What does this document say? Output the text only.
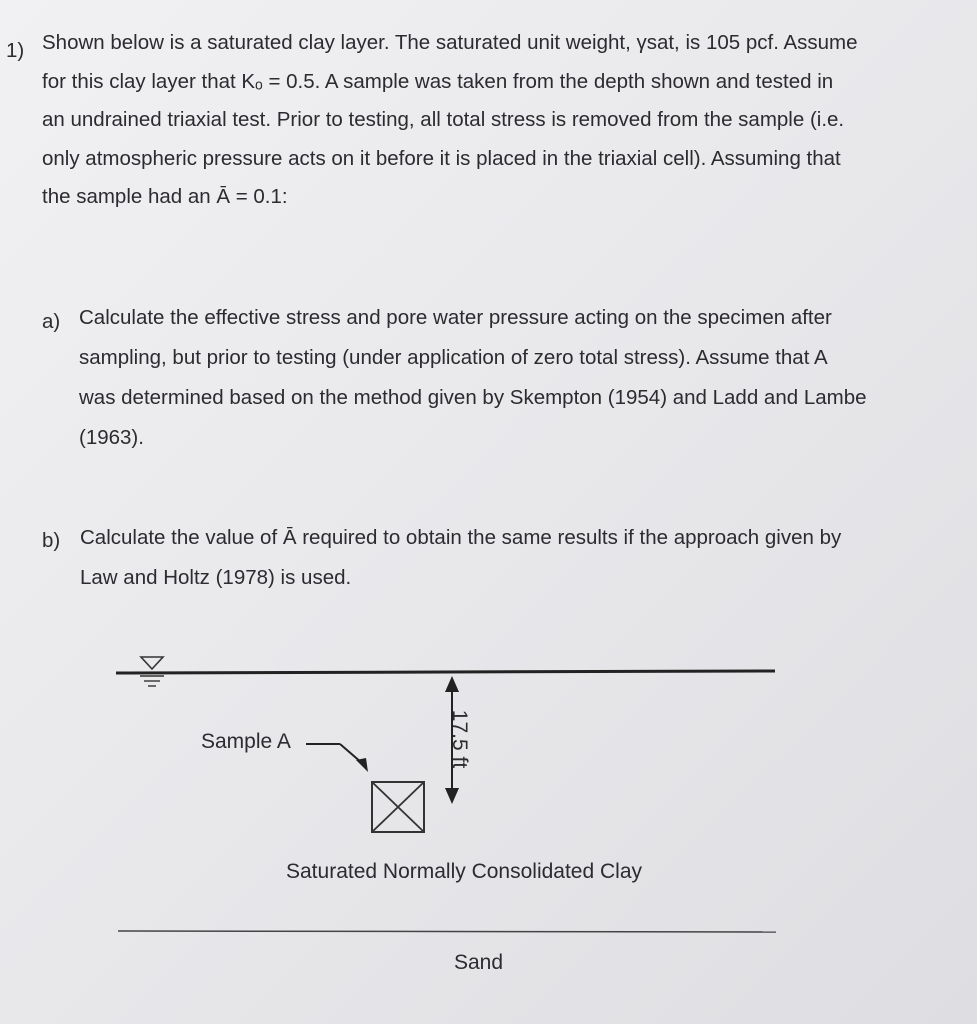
1) Shown below is a saturated clay layer. The saturated unit weight, γsat, is 105 pcf. Assume
for this clay layer that Kₒ = 0.5. A sample was taken from the depth shown and tested in
an undrained triaxial test. Prior to testing, all total stress is removed from the sample (i.e.
only atmospheric pressure acts on it before it is placed in the triaxial cell). Assuming that
the sample had an Ā = 0.1:
a) Calculate the effective stress and pore water pressure acting on the specimen after
sampling, but prior to testing (under application of zero total stress). Assume that A
was determined based on the method given by Skempton (1954) and Ladd and Lambe
(1963).
b) Calculate the value of Ā required to obtain the same results if the approach given by
Law and Holtz (1978) is used.
Sample A	17.5 ft
Saturated Normally Consolidated Clay
Sand
